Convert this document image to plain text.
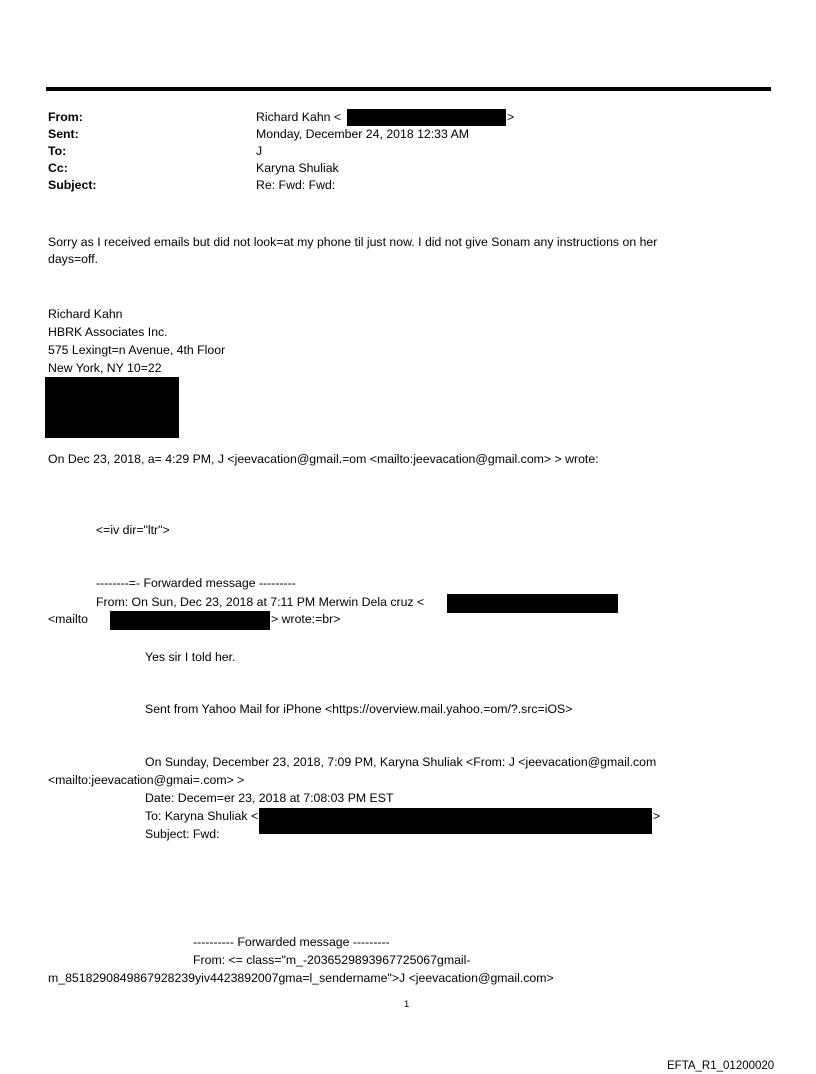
From:	Richard Kahn <	>
Sent:	Monday, December 24, 2018 12:33 AM
To:	J
Cc:	Karyna Shuliak
Subject:	Re: Fwd: Fwd:
Sorry as I received emails but did not look=at my phone til just now. I did not give Sonam any instructions on her
days=off.
Richard Kahn
HBRK Associates Inc.
575 Lexingt=n Avenue, 4th Floor
New York, NY 10=22
On Dec 23, 2018, a= 4:29 PM, J <jeevacation@gmail.=om <mailto:jeevacation@gmail.com> > wrote:
<=iv dir="ltr">
--------=- Forwarded message ---------
From: On Sun, Dec 23, 2018 at 7:11 PM Merwin Dela cruz <
<mailto	> wrote:=br>
Yes sir I told her.
Sent from Yahoo Mail for iPhone <https://overview.mail.yahoo.=om/?.src=iOS>
On Sunday, December 23, 2018, 7:09 PM, Karyna Shuliak <From: J <jeevacation@gmail.com
<mailto:jeevacation@gmai=.com> >
Date: Decem=er 23, 2018 at 7:08:03 PM EST
To: Karyna Shuliak <	>
Subject: Fwd:
---------- Forwarded message ---------
From: <= class="m_-2036529893967725067gmail-
m_8518290849867928239yiv4423892007gma=l_sendername">J <jeevacation@gmail.com>
1
EFTA_R1_01200020
